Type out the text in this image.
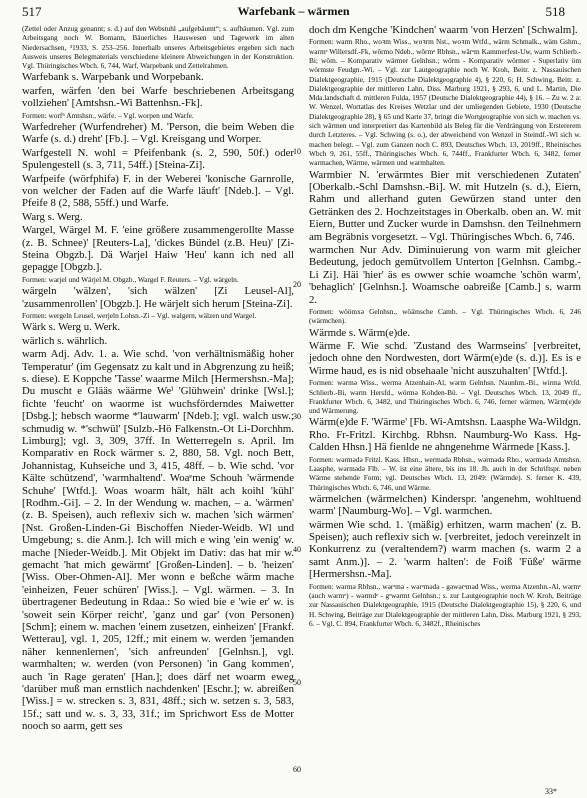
517	Warfebank – wärmen	518

(Zettel oder Anzug genannt; s. d.) auf den Webstuhl „aufgebäumt“; s. aufbäumen. Vgl. zum Arbeitsgang noch W. Bomann, Bäuerliches Hauswesen und Tagewerk im alten Niedersachsen, ³1933, S. 253–256. Innerhalb unseres Arbeitsgebietes ergeben sich nach Ausweis unseres Belegmaterials verschiedene kleinere Abweichungen in der Konstruktion. Vgl. Thüringisches Wbch. 6, 744, Warf, Warpebank und Zettelrahmen.

Warfebank s. Warpebank und Worpebank.

warfen, wärfen 'den bei Warfe beschriebenen Arbeitsgang vollziehen' [Amtshsn.-Wi Battenhsn.-Fk].

Formen: worf⁶ Amtshsn., wärfe. – Vgl. worpen und Warfe.

Warfedreher (Wurfendreher) M. 'Person, die beim Weben die Warfe (s. d.) dreht' [Fb.]. – Vgl. Kreisgang und Worper.

Warfgestell N. wohl = Pfeifenbank (s. 2, 590, 50f.) oder Spulengestell (s. 3, 711, 54ff.) [Steina-Zi].

Warfpeife (wörfphifə) F. in der Weberei 'konische Garnrolle, von welcher der Faden auf die Warfe läuft' [Ndeb.]. – Vgl. Pfeife 8 (2, 588, 55ff.) und Warfe.

Warg s. Werg.

Wargel, Wärgel M. F. 'eine größere zusammengerollte Masse (z. B. Schnee)' [Reuters-La], 'dickes Bündel (z.B. Heu)' [Zi-Steina Obgzb.]. Dä Warjel Haiw 'Heu' kann ich ned all gepagge [Obgzb.].

Formen: warjel und Wärjel M. Obgzb., Wargel F. Reuters. – Vgl. wärgeln.

wärgeln 'wälzen', 'sich wälzen' [Zi Leusel-Al], 'zusammenrollen' [Obgzb.]. He wärjelt sich herum [Steina-Zi].

Formen: wergeln Leusel, werjeln Lohsn.-Zi – Vgl. walgern, wälzen und Wargel.

Wärk s. Werg u. Werk.

wärlich s. währlich.

warm Adj. Adv. 1. a. Wie schd. 'von verhältnismäßig hoher Temperatur' (im Gegensatz zu kalt und in Abgrenzung zu heiß; s. diese). E Koppche 'Tasse' waarme Milch [Hermershsn.-Ma]; Du muscht e Glääs wäärme Weⁱ 'Glühwein' drinke [Wsl.]; fichte 'feucht' on waorme ist wuchsförderndes Maiwetter [Dsbg.]; hebsch waorme *'lauwarm' [Ndeb.]; vgl. walch usw.; schmudig w. *'schwül' [Sulzb.-Hö Falkenstn.-Ot Li-Dorchhm. Limburg]; vgl. 3, 309, 37ff. In Wetterregeln s. April. Im Komparativ en Rock wärmer s. 2, 880, 58. Vgl. noch Bett, Johannistag, Kuhseiche und 3, 415, 48ff. – b. Wie schd. 'vor Kälte schützend', 'warmhaltend'. Woaᵉme Schouh 'wärmende Schuhe' [Wtfd.]. Woas woarm hält, hält ach koihl 'kühl' [Rodhm.-Gi]. – 2. In der Wendung w. machen, – a. 'wärmen' (z. B. Speisen), auch reflexiv sich w. machen 'sich wärmen' [Nst. Großen-Linden-Gi Bischoffen Nieder-Weidb. Wl und Umgebung; s. die Anm.]. Ich will mich e wing 'ein wenig' w. mache [Nieder-Weidb.]. Mit Objekt im Dativ: das hat mir w. gemacht 'hat mich gewärmt' [Großen-Linden]. – b. 'heizen' [Wiss. Ober-Ohmen-Al]. Mer wonn e beßche wärm mache 'einheizen, Feuer schüren' [Wiss.]. – Vgl. wärmen. – 3. In übertragener Bedeutung in Rdaa.: So wied bie e 'wie er' w. is 'soweit sein Körper reicht', 'ganz und gar' (von Personen) [Schm]; einem w. machen 'einem zusetzen, einheizen' [Frankf. Wetterau], vgl. 1, 205, 12ff.; mit einem w. werden 'jemanden näher kennenlernen', 'sich anfreunden' [Gelnhsn.], vgl. warmhalten; w. werden (von Personen) 'in Gang kommen', auch 'in Rage geraten' [Han.]; does därf net woarm eweg 'darüber muß man ernstlich nachdenken' [Eschr.]; w. abreißen [Wiss.] = w. strecken s. 3, 831, 48ff.; sich w. setzen s. 3, 583, 15f.; satt und w. s. 3, 33, 31f.; im Sprichwort Ess de Motter nooch so aarm, gett ses

doch dm Kengche 'Kindchen' waarm 'von Herzen' [Schwalm].

Formen: warm Rho., woꝛm Wiss., woꝛrm Nst., woꝛm Wtfd., wärm Schmalk., wäm Gshm., warmᵉ Willersdf.-Fk, wǒrmo Ndeb., wǒrmᵃ Rbhsn., wǎrᵊm Kammerfest-Uw, warm Schlierb.-Bi; wǒm. – Komparativ wärmer Gelnhsn.; wörm - Komparativ wörmer - Superlativ öm wörmste Feudgn.-Wi. – Vgl. zur Lautgeographie noch W. Kroh, Beitr. z. Nassauischen Dialektgeographie, 1915 (Deutsche Dialektgeographie 4), § 220, 6; H. Schwing, Beitr. z. Dialektgeographie der mittleren Lahn, Diss. Marburg 1921, § 293, 6, und L. Martin, Die Mda.landschaft d. mittleren Fulda, 1957 (Deutsche Dialektgeographie 44), § 16. – Zu w. 2 a: W. Wenzel, Wortatlas des Kreises Wetzlar und der umliegenden Gebiete, 1930 (Deutsche Dialektgeographie 28), § 65 und Karte 37, bringt die Wortgeographie von sich w. machen vs. sich wärmen und interpretiert das Kartenbild als Beleg für die Verdrängung von Erstererem durch Letzteres. – Vgl. Schwing (s. o.), der abweichend von Wenzel in Steindf.-Wl sich w. machen belegt. – Vgl. zum Ganzen noch C. 893, Deutsches Wbch. 13, 2019ff., Rheinisches Wbch 9, 261, 55ff., Thüringisches Wbch. 6, 744ff., Frankfurter Wbch. 6, 3482, ferner warmachen, Wärme, wärmen und warmhalten.

Warmbier N. 'erwärmtes Bier mit verschiedenen Zutaten' [Oberkalb.-Schl Damshsn.-Bi]. W. mit Hutzeln (s. d.), Eiern, Rahm und allerhand guten Gewürzen stand unter den Getränken des 2. Hochzeitstages in Oberkalb. oben an. W. mit Eiern, Butter und Zucker wurde in Damshsn. den Teilnehmern am Begräbnis vorgesetzt. – Vgl. Thüringisches Wbch. 6, 746.

warmchen Nur Adv. Diminuierung von warm mit gleicher Bedeutung, jedoch gemütvollem Unterton [Gelnhsn. Cambg.-Li Zi]. Häi 'hier' äs es owwer schie woamche 'schön warm', 'behaglich' [Gelnhsn.]. Woamsche oabreiße [Camb.] s. warm 2.

Formen: wöömxə Gelnhsn., wöämsche Camb. – Vgl. Thüringisches Wbch. 6, 246 (wärmchen).

Wärmde s. Wärm(e)de.

Wärme F. Wie schd. 'Zustand des Warmseins' [verbreitet, jedoch ohne den Nordwesten, dort Wärm(e)de (s. d.)]. Es is e Wirme haud, es is nid obsehaale 'nicht auszuhalten' [Wtfd.].

Formen: wǝrmǝ Wiss., wermǝ Atzenhain-Al, wǝrm Gelnhsn. Naunhm.-Bi., wirma Wtfd. Schlierb.-Bi, wǝrm Hersfd., wörmǝ Kohden-Bü. – Vgl. Deutsches Wbch. 13, 2049 ff., Frankfurter Wbch. 6, 3482, und Thüringisches Wbch. 6, 746, ferner wärmen, Wärm(e)de und Wärmerung.

Wärm(e)de F. 'Wärme' [Fb. Wi-Amtshsn. Laasphe Wa-Wildgn. Rho. Fr-Fritzl. Kirchbg. Rbhsn. Naumburg-Wo Kass. Hg-Calden Hhsn.] Hä fienlde ne ahngenehme Wärmede [Kass.].

Formen: wǝrmǝdǝ Fritzl. Kass. Hhsn., wermadǝ Rbhsn., wǝrmǝdǝ Rho., wǝrmǝdǝ Amtshsn. Laasphe, wǝrmǝdǝ Flb. – W. ist eine ältere, bis ins 18. Jh. auch in der Schriftspr. neben Wärme stehende Form; vgl. Deutsches Wbch. 13, 2049: (Wärmde). S. ferner K. 439, Thüringisches Wbch. 6, 746, und Wärme.

wärmelchen (wǎrmelchen) Kinderspr. 'angenehm, wohltuend warm' [Naumburg-Wo]. – Vgl. warmchen.

wärmen Wie schd. 1. '(mäßig) erhitzen, warm machen' (z. B. Speisen); auch reflexiv sich w. [verbreitet, jedoch vereinzelt in Konkurrenz zu (veraltendem?) warm machen (s. warm 2 a samt Anm.)]. – 2. 'warm halten': de Foiß 'Füße' wärme [Hermershsn.-Ma].

Formen: wǝrmǝ Rbhsn., wǝrᵊmǝ - wǝrᵊmǝdǝ - gǝwǝrᵊmǝd Wiss., wermǝ Atzenhn.-Al, wǝrmᵉ (auch wǝrmᵉ) - wǝrmdᵉ - gᵉwǝrmt Gelnhsn.; s. zur Lautgeographie noch W. Kroh, Beiträge zur Nassauischen Dialektgeographie, 1915 (Deutsche Dialektgeographie 15), § 220, 6, und H. Schwing, Beiträge zur Dialektgeographie der mittleren Lahn, Diss. Marburg 1921, § 293, 6. – Vgl. C. 894, Frankfurter Wbch. 6, 3482f., Rheinisches

10
20
30
40
50
60
33*
